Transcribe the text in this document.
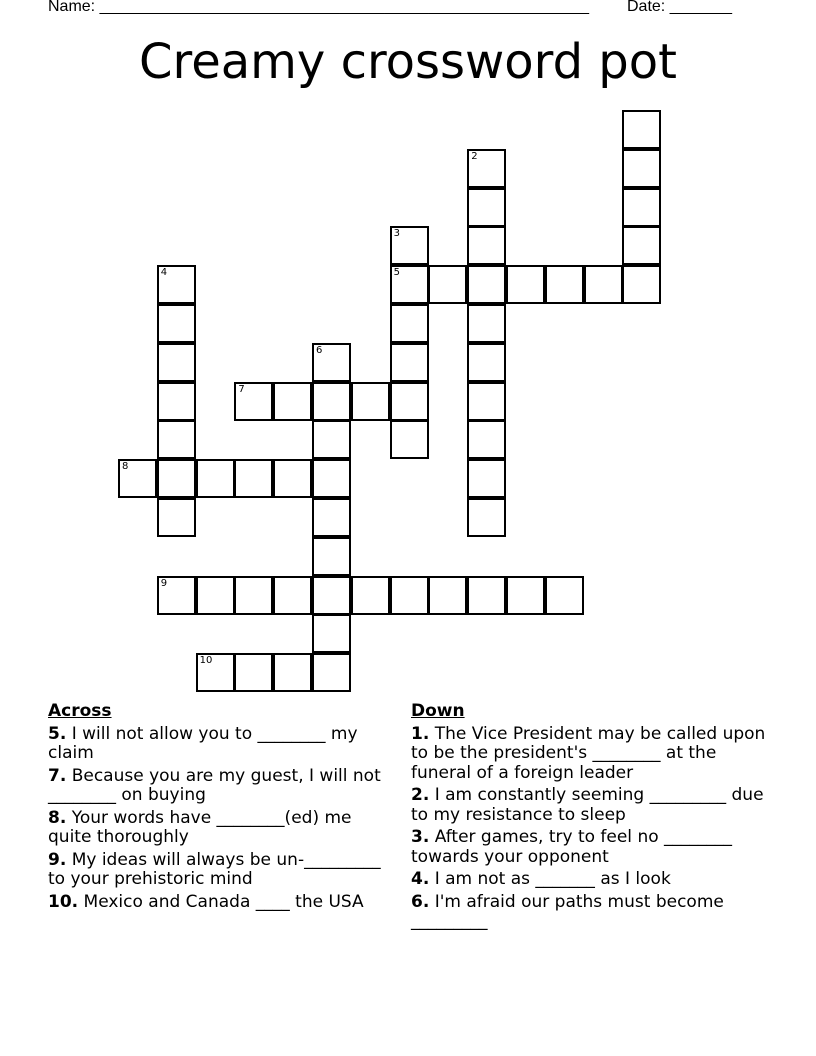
Name: _______________________________________________________ Date: _______
Creamy crossword pot
2
3
5
4
6
7
8
9
10
Across
5. I will not allow you to ________ my claim
7. Because you are my guest, I will not ________ on buying
8. Your words have ________(ed) me quite thoroughly
9. My ideas will always be un-_________ to your prehistoric mind
10. Mexico and Canada ____ the USA
Down
1. The Vice President may be called upon to be the president's ________ at the funeral of a foreign leader
2. I am constantly seeming _________ due to my resistance to sleep
3. After games, try to feel no ________ towards your opponent
4. I am not as _______ as I look
6. I'm afraid our paths must become _________
